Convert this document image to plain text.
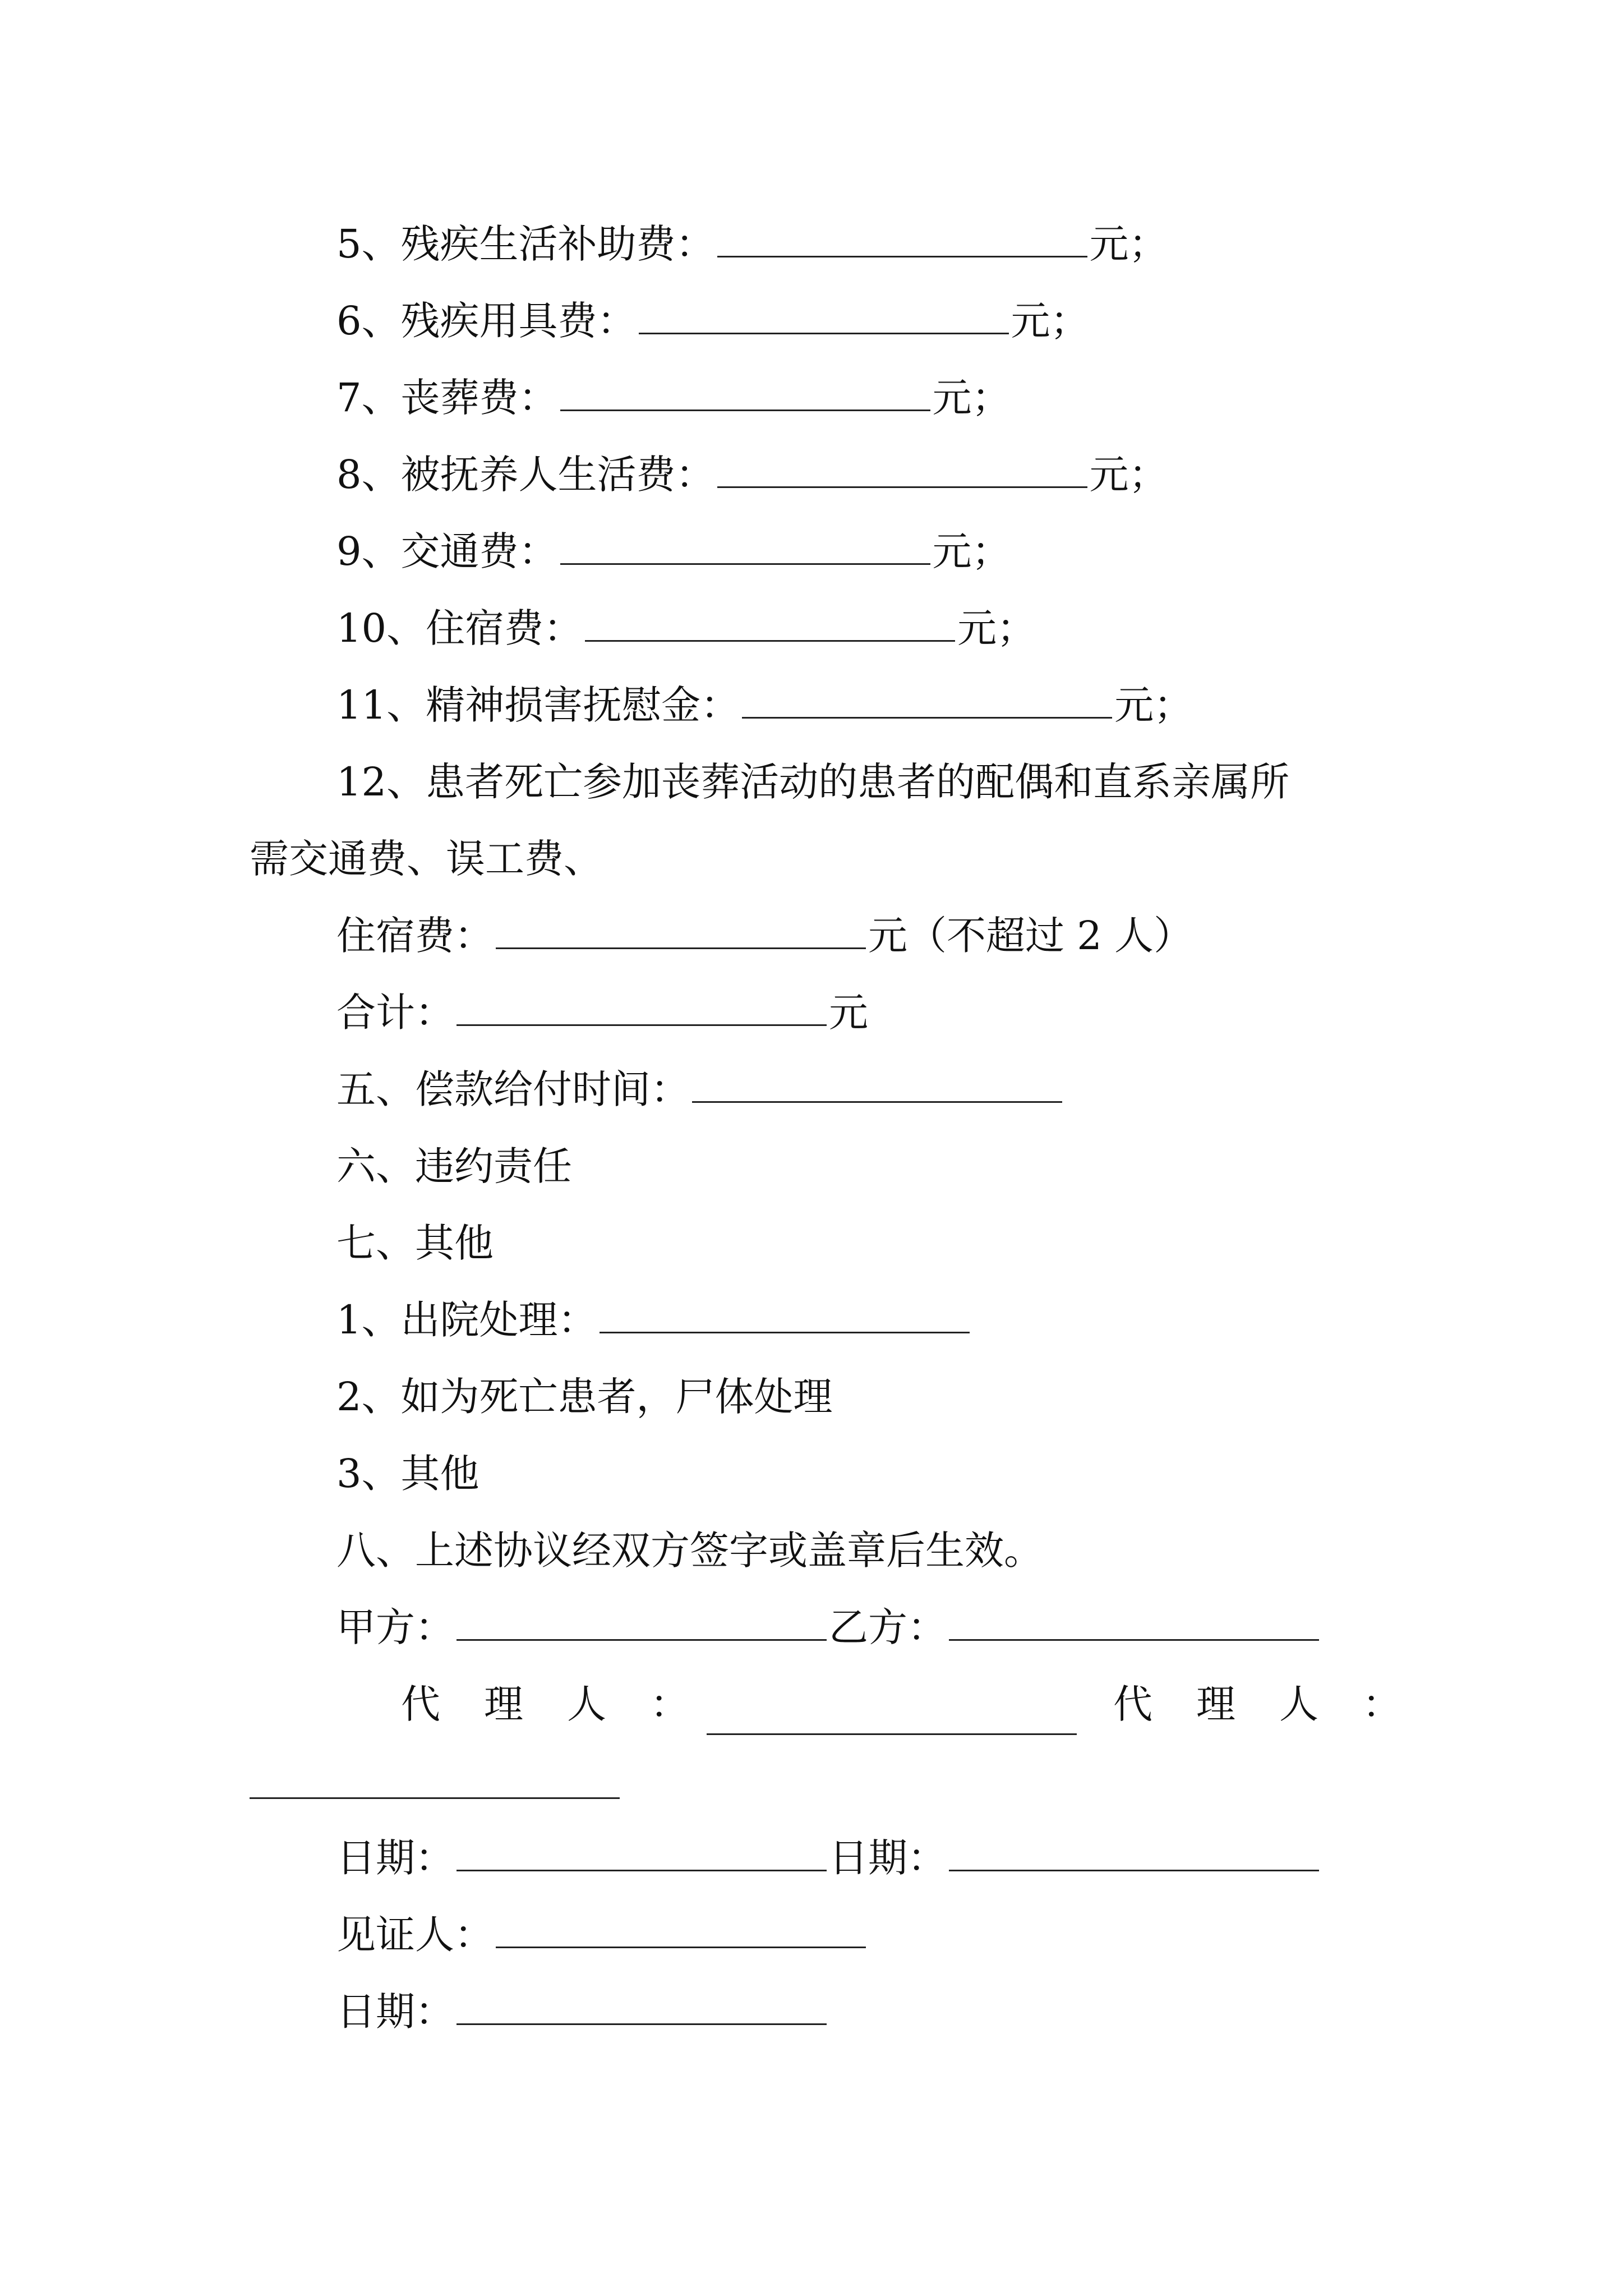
5、残疾生活补助费：	元；
6、残疾用具费：	元；
7、丧葬费：	元；
8、被抚养人生活费：	元；
9、交通费：	元；
10、住宿费：	元；
11、精神损害抚慰金：	元；
12、患者死亡参加丧葬活动的患者的配偶和直系亲属所
需交通费、误工费、
住宿费：	元（不超过 2 人）
合计：	元
五、偿款给付时间：
六、违约责任
七、其他
1、出院处理：
2、如为死亡患者，尸体处理
3、其他
八、上述协议经双方签字或盖章后生效。
甲方：	乙方：
代理人：	代理人：
日期：	日期：
见证人：
日期：
